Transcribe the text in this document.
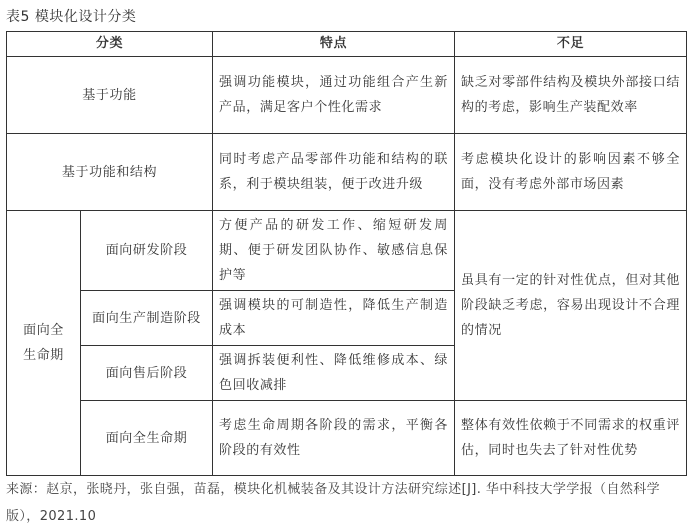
表5 模块化设计分类
分类		特点	不足
基于功能		强调功能模块，通过功能组合产生新产品，满足客户个性化需求	缺乏对零部件结构及模块外部接口结构的考虑，影响生产装配效率
基于功能和结构		同时考虑产品零部件功能和结构的联系，利于模块组装，便于改进升级	考虑模块化设计的影响因素不够全面，没有考虑外部市场因素
面向全生命期	面向研发阶段	方便产品的研发工作、缩短研发周期、便于研发团队协作、敏感信息保护等	虽具有一定的针对性优点，但对其他阶段缺乏考虑，容易出现设计不合理的情况
	面向生产制造阶段	强调模块的可制造性，降低生产制造成本	
	面向售后阶段	强调拆装便利性、降低维修成本、绿色回收减排	
	面向全生命期	考虑生命周期各阶段的需求，平衡各阶段的有效性	整体有效性依赖于不同需求的权重评估，同时也失去了针对性优势
来源：赵京，张晓丹，张自强，苗磊，模块化机械装备及其设计方法研究综述[J]. 华中科技大学学报（自然科学版），2021.10
